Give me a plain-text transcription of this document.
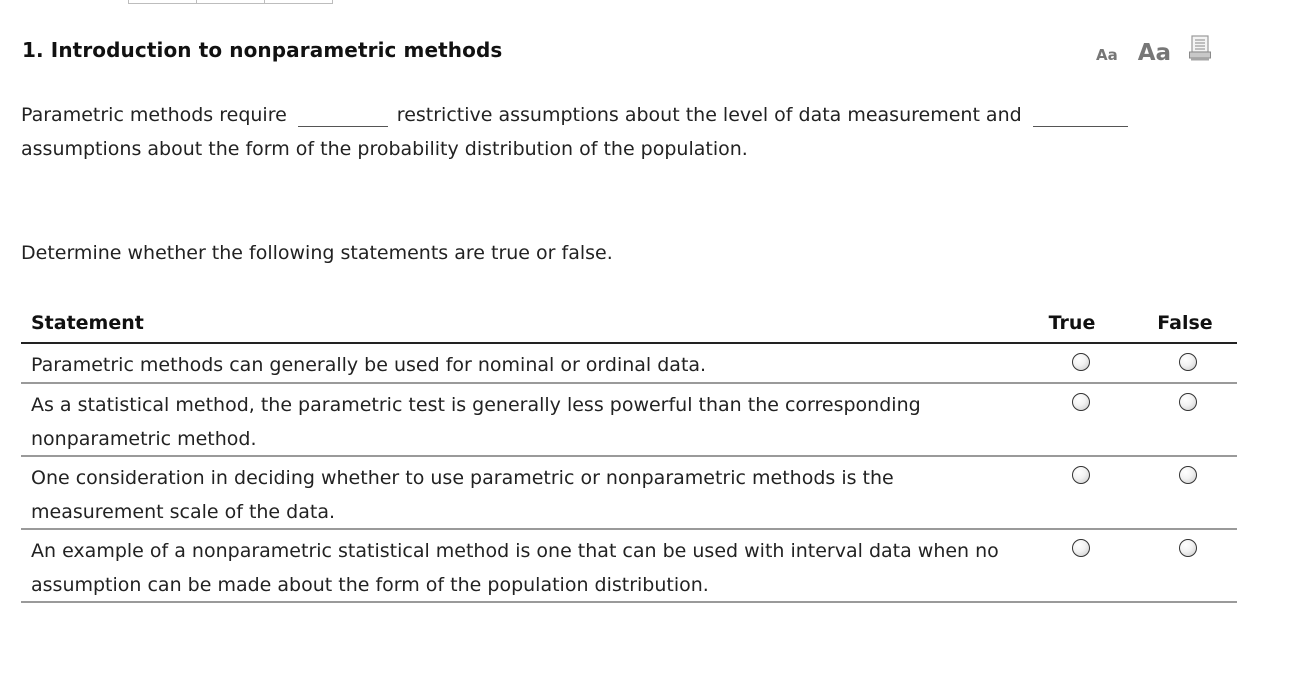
1. Introduction to nonparametric methods	Aa Aa
Parametric methods require	restrictive assumptions about the level of data measurement and
assumptions about the form of the probability distribution of the population.
Determine whether the following statements are true or false.
Statement	True	False
Parametric methods can generally be used for nominal or ordinal data.
As a statistical method, the parametric test is generally less powerful than the corresponding nonparametric method.
One consideration in deciding whether to use parametric or nonparametric methods is the measurement scale of the data.
An example of a nonparametric statistical method is one that can be used with interval data when no assumption can be made about the form of the population distribution.
